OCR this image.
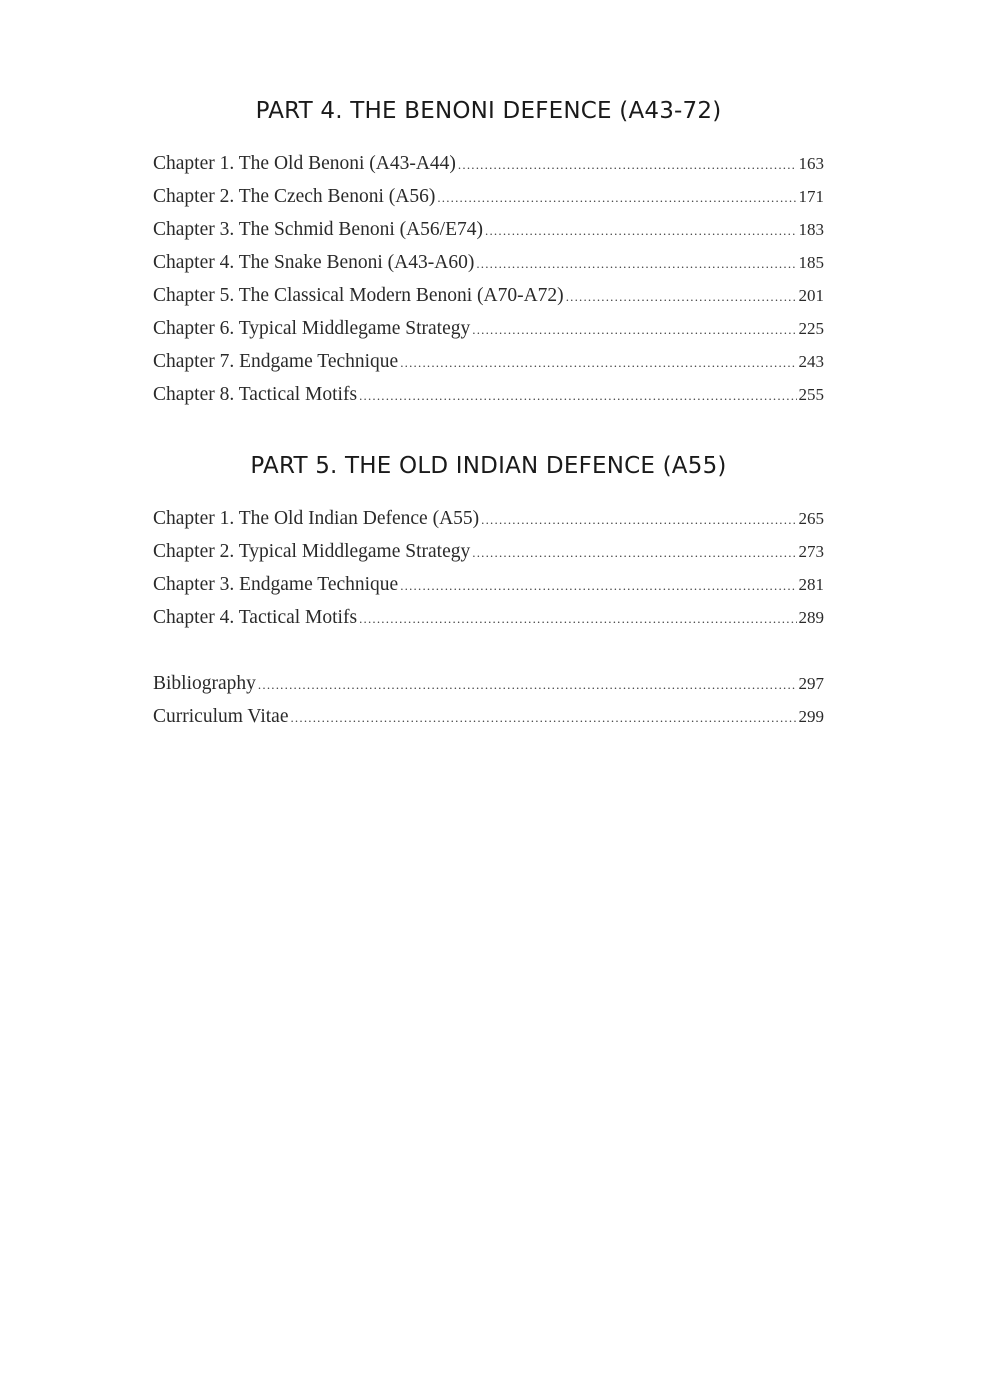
PART 4. THE BENONI DEFENCE (A43-72)
Chapter 1. The Old Benoni (A43-A44) .....	163
Chapter 2. The Czech Benoni (A56) .....	171
Chapter 3. The Schmid Benoni (A56/E74) .....	183
Chapter 4. The Snake Benoni (A43-A60) .....	185
Chapter 5. The Classical Modern Benoni (A70-A72) .....	201
Chapter 6. Typical Middlegame Strategy .....	225
Chapter 7. Endgame Technique .....	243
Chapter 8. Tactical Motifs .....	255
PART 5. THE OLD INDIAN DEFENCE (A55)
Chapter 1. The Old Indian Defence (A55) .....	265
Chapter 2. Typical Middlegame Strategy .....	273
Chapter 3. Endgame Technique .....	281
Chapter 4. Tactical Motifs .....	289
Bibliography .....	297
Curriculum Vitae .....	299
